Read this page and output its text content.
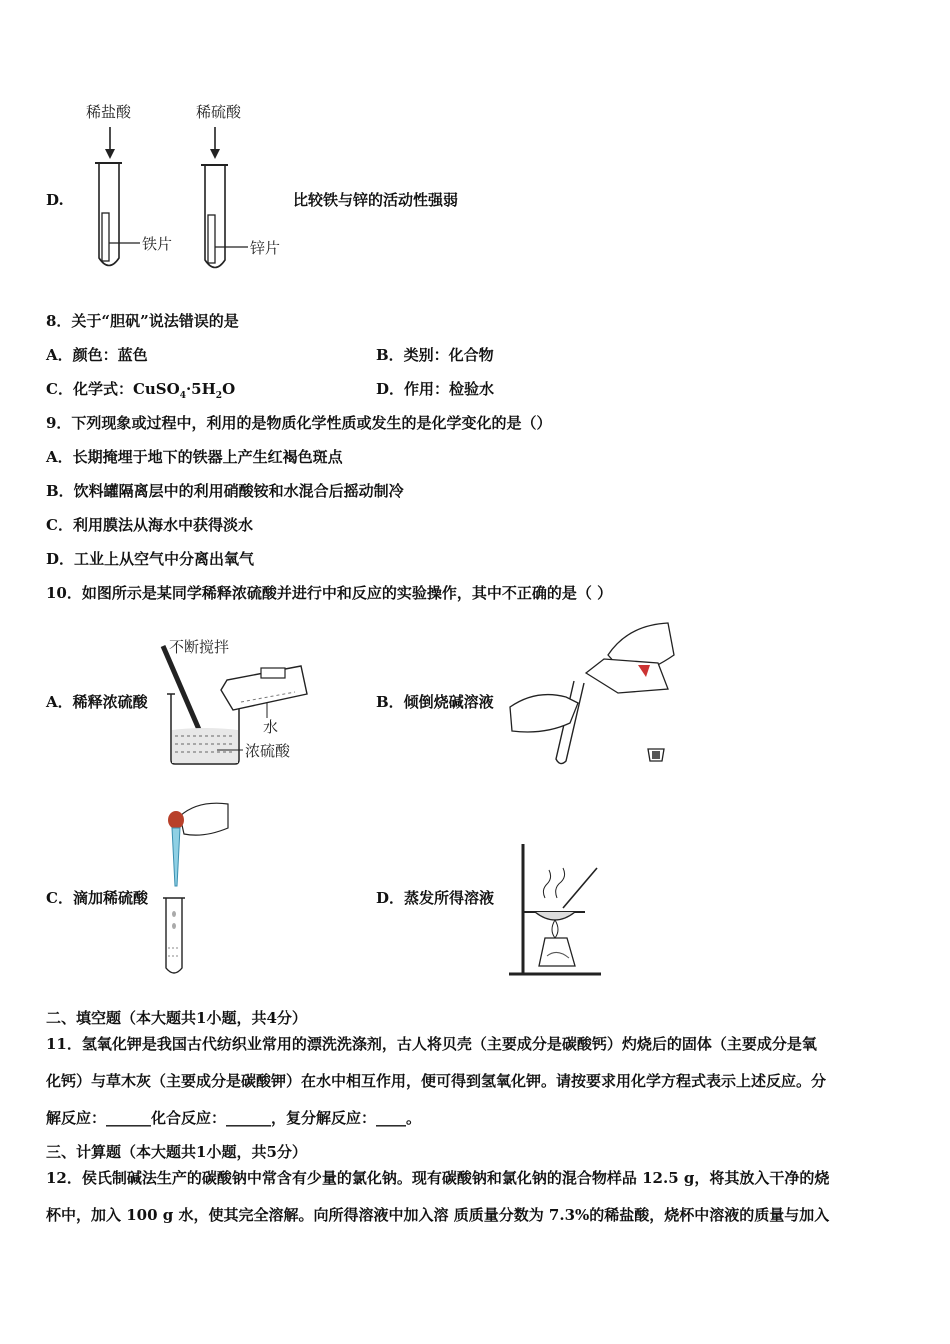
D.
稀盐酸	稀硫酸
铁片	锌片
比较铁与锌的活动性强弱
8．关于“胆矾”说法错误的是
A．颜色：蓝色	B．类别：化合物
C．化学式：$CuSO_4\cdot 5H_2O$	D．作用：检验水
9．下列现象或过程中，利用的是物质化学性质或发生的是化学变化的是（）
A．长期掩埋于地下的铁器上产生红褐色斑点
B．饮料罐隔离层中的利用硝酸铵和水混合后摇动制冷
C．利用膜法从海水中获得淡水
D．工业上从空气中分离出氧气
10．如图所示是某同学稀释浓硫酸并进行中和反应的实验操作，其中不正确的是（ ）
A．稀释浓硫酸
不断搅拌
水
浓硫酸
B．倾倒烧碱溶液
C．滴加稀硫酸	D．蒸发所得溶液
二、填空题（本大题共1小题，共4分）
11．氢氧化钾是我国古代纺织业常用的漂洗洗涤剂，古人将贝壳（主要成分是碳酸钙）灼烧后的固体（主要成分是氧
化钙）与草木灰（主要成分是碳酸钾）在水中相互作用，便可得到氢氧化钾。请按要求用化学方程式表示上述反应。分
解反应：______化合反应：______，复分解反应：____。
三、计算题（本大题共1小题，共5分）
12．侯氏制碱法生产的碳酸钠中常含有少量的氯化钠。现有碳酸钠和氯化钠的混合物样品 12.5 g，将其放入干净的烧
杯中，加入 100 g 水，使其完全溶解。向所得溶液中加入溶 质质量分数为 7.3%的稀盐酸，烧杯中溶液的质量与加入
